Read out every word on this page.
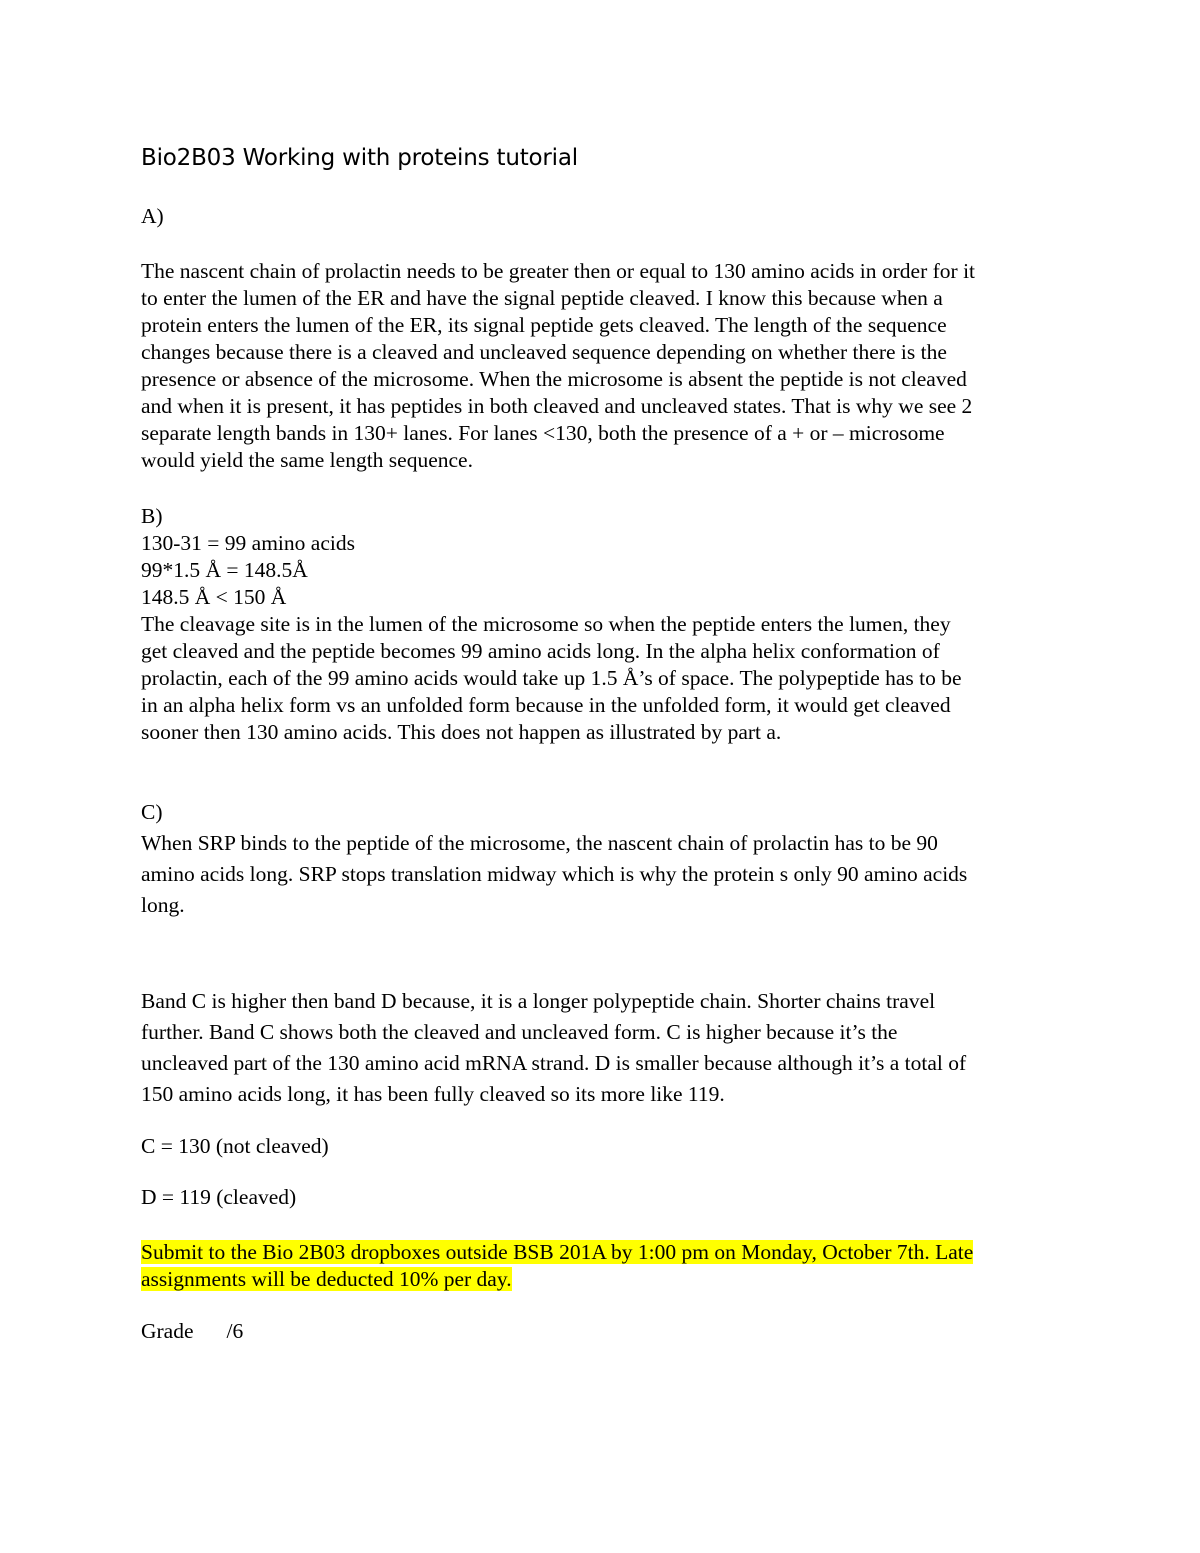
Bio2B03 Working with proteins tutorial
A)
The nascent chain of prolactin needs to be greater then or equal to 130 amino acids in order for it
to enter the lumen of the ER and have the signal peptide cleaved. I know this because when a
protein enters the lumen of the ER, its signal peptide gets cleaved. The length of the sequence
changes because there is a cleaved and uncleaved sequence depending on whether there is the
presence or absence of the microsome. When the microsome is absent the peptide is not cleaved
and when it is present, it has peptides in both cleaved and uncleaved states. That is why we see 2
separate length bands in 130+ lanes. For lanes <130, both the presence of a + or – microsome
would yield the same length sequence.
B)
130-31 = 99 amino acids
99*1.5 Å = 148.5Å
148.5 Å < 150 Å
The cleavage site is in the lumen of the microsome so when the peptide enters the lumen, they
get cleaved and the peptide becomes 99 amino acids long. In the alpha helix conformation of
prolactin, each of the 99 amino acids would take up 1.5 Å’s of space. The polypeptide has to be
in an alpha helix form vs an unfolded form because in the unfolded form, it would get cleaved
sooner then 130 amino acids. This does not happen as illustrated by part a.
C)
When SRP binds to the peptide of the microsome, the nascent chain of prolactin has to be 90
amino acids long. SRP stops translation midway which is why the protein s only 90 amino acids
long.
Band C is higher then band D because, it is a longer polypeptide chain. Shorter chains travel
further. Band C shows both the cleaved and uncleaved form. C is higher because it’s the
uncleaved part of the 130 amino acid mRNA strand. D is smaller because although it’s a total of
150 amino acids long, it has been fully cleaved so its more like 119.
C = 130 (not cleaved)
D = 119 (cleaved)
Submit to the Bio 2B03 dropboxes outside BSB 201A by 1:00 pm on Monday, October 7th. Late
assignments will be deducted 10% per day.
Grade /6
